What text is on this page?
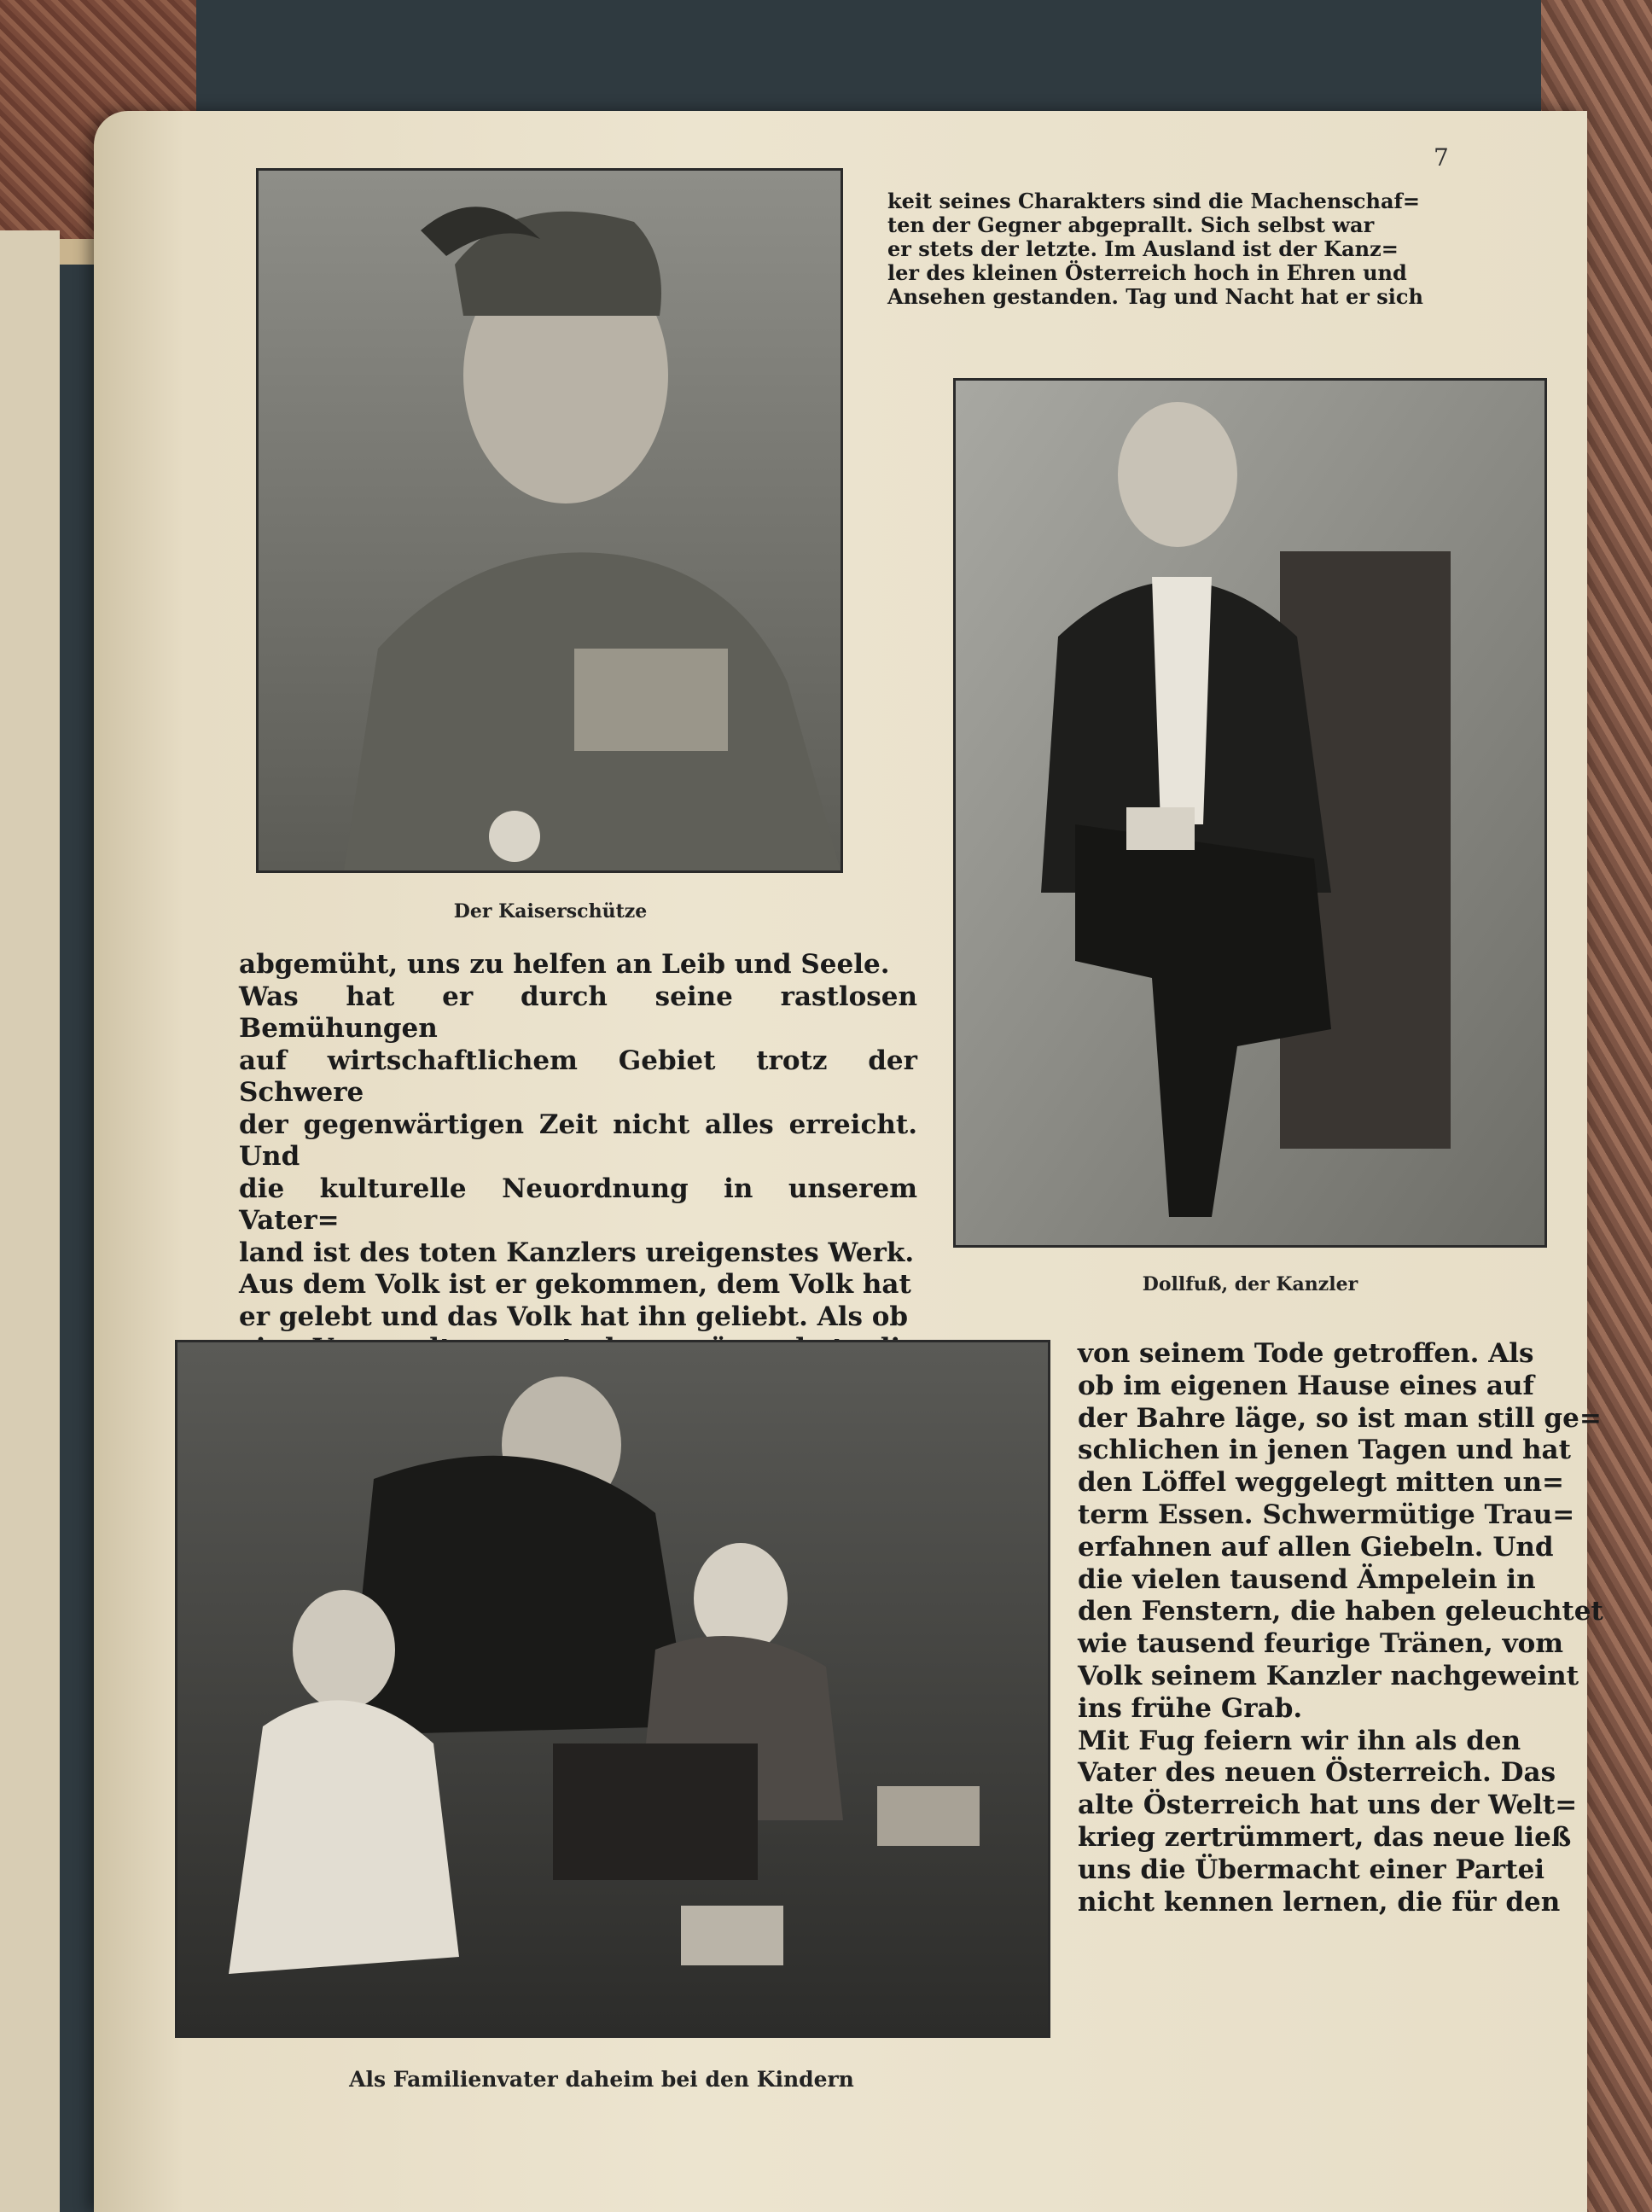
7
keit seines Charakters sind die Machenschaf=
ten der Gegner abgeprallt. Sich selbst war
er stets der letzte. Im Ausland ist der Kanz=
ler des kleinen Österreich hoch in Ehren und
Ansehen gestanden. Tag und Nacht hat er sich
Der Kaiserschütze
Dollfuß, der Kanzler
abgemüht, uns zu helfen an Leib und Seele.
Was hat er durch seine rastlosen Bemühungen
auf wirtschaftlichem Gebiet trotz der Schwere
der gegenwärtigen Zeit nicht alles erreicht. Und
die kulturelle Neuordnung in unserem Vater=
land ist des toten Kanzlers ureigenstes Werk.
Aus dem Volk ist er gekommen, dem Volk hat
er gelebt und das Volk hat ihn geliebt. Als ob
Als Familienvater daheim bei den Kindern
von seinem Tode getroffen. Als
ob im eigenen Hause eines auf
der Bahre läge, so ist man still ge=
schlichen in jenen Tagen und hat
den Löffel weggelegt mitten un=
term Essen. Schwermütige Trau=
erfahnen auf allen Giebeln. Und
die vielen tausend Ämpelein in
den Fenstern, die haben geleuchtet
wie tausend feurige Tränen, vom
Volk seinem Kanzler nachgeweint
ins frühe Grab.
Mit Fug feiern wir ihn als den
Vater des neuen Österreich. Das
alte Österreich hat uns der Welt=
krieg zertrümmert, das neue ließ
uns die Übermacht einer Partei
nicht kennen lernen, die für den
